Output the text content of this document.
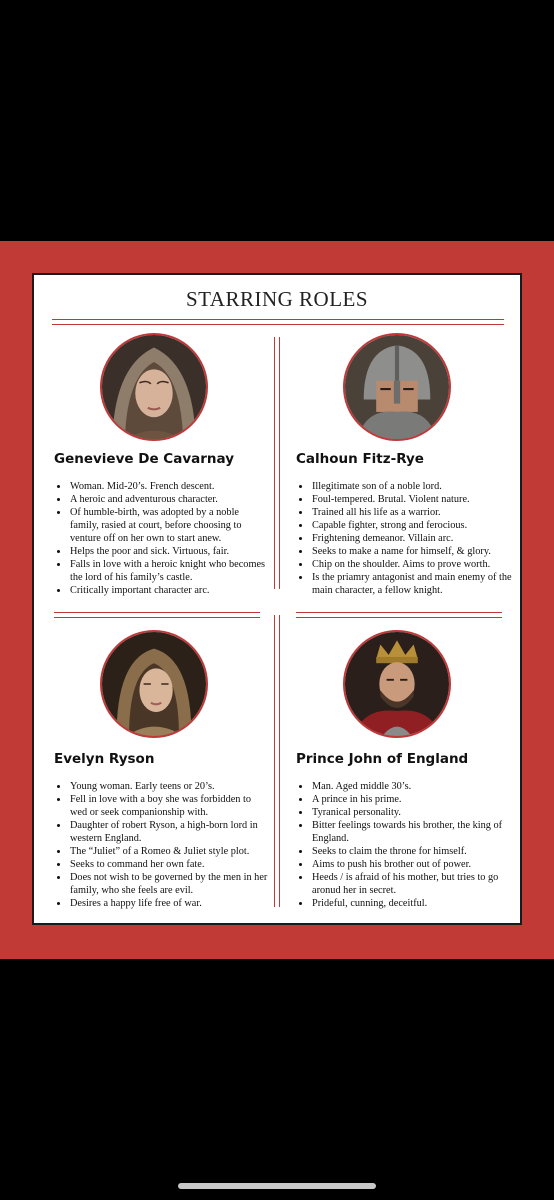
STARRING ROLES
Genevieve De Cavarnay
• Woman. Mid-20’s. French descent.
• A heroic and adventurous character.
• Of humble-birth, was adopted by a noble family, rasied at court, before choosing to venture off on her own to start anew.
• Helps the poor and sick. Virtuous, fair.
• Falls in love with a heroic knight who becomes the lord of his family’s castle.
• Critically important character arc.
Calhoun Fitz-Rye
• Illegitimate son of a noble lord.
• Foul-tempered. Brutal. Violent nature.
• Trained all his life as a warrior.
• Capable fighter, strong and ferocious.
• Frightening demeanor. Villain arc.
• Seeks to make a name for himself, & glory.
• Chip on the shoulder. Aims to prove worth.
• Is the priamry antagonist and main enemy of the main character, a fellow knight.
Evelyn Ryson
• Young woman. Early teens or 20’s.
• Fell in love with a boy she was forbidden to wed or seek companionship with.
• Daughter of robert Ryson, a high-born lord in western England.
• The “Juliet” of a Romeo & Juliet style plot.
• Seeks to command her own fate.
• Does not wish to be governed by the men in her family, who she feels are evil.
• Desires a happy life free of war.
Prince John of England
• Man. Aged middle 30’s.
• A prince in his prime.
• Tyranical personality.
• Bitter feelings towards his brother, the king of England.
• Seeks to claim the throne for himself.
• Aims to push his brother out of power.
• Heeds / is afraid of his mother, but tries to go aronud her in secret.
• Prideful, cunning, deceitful.
